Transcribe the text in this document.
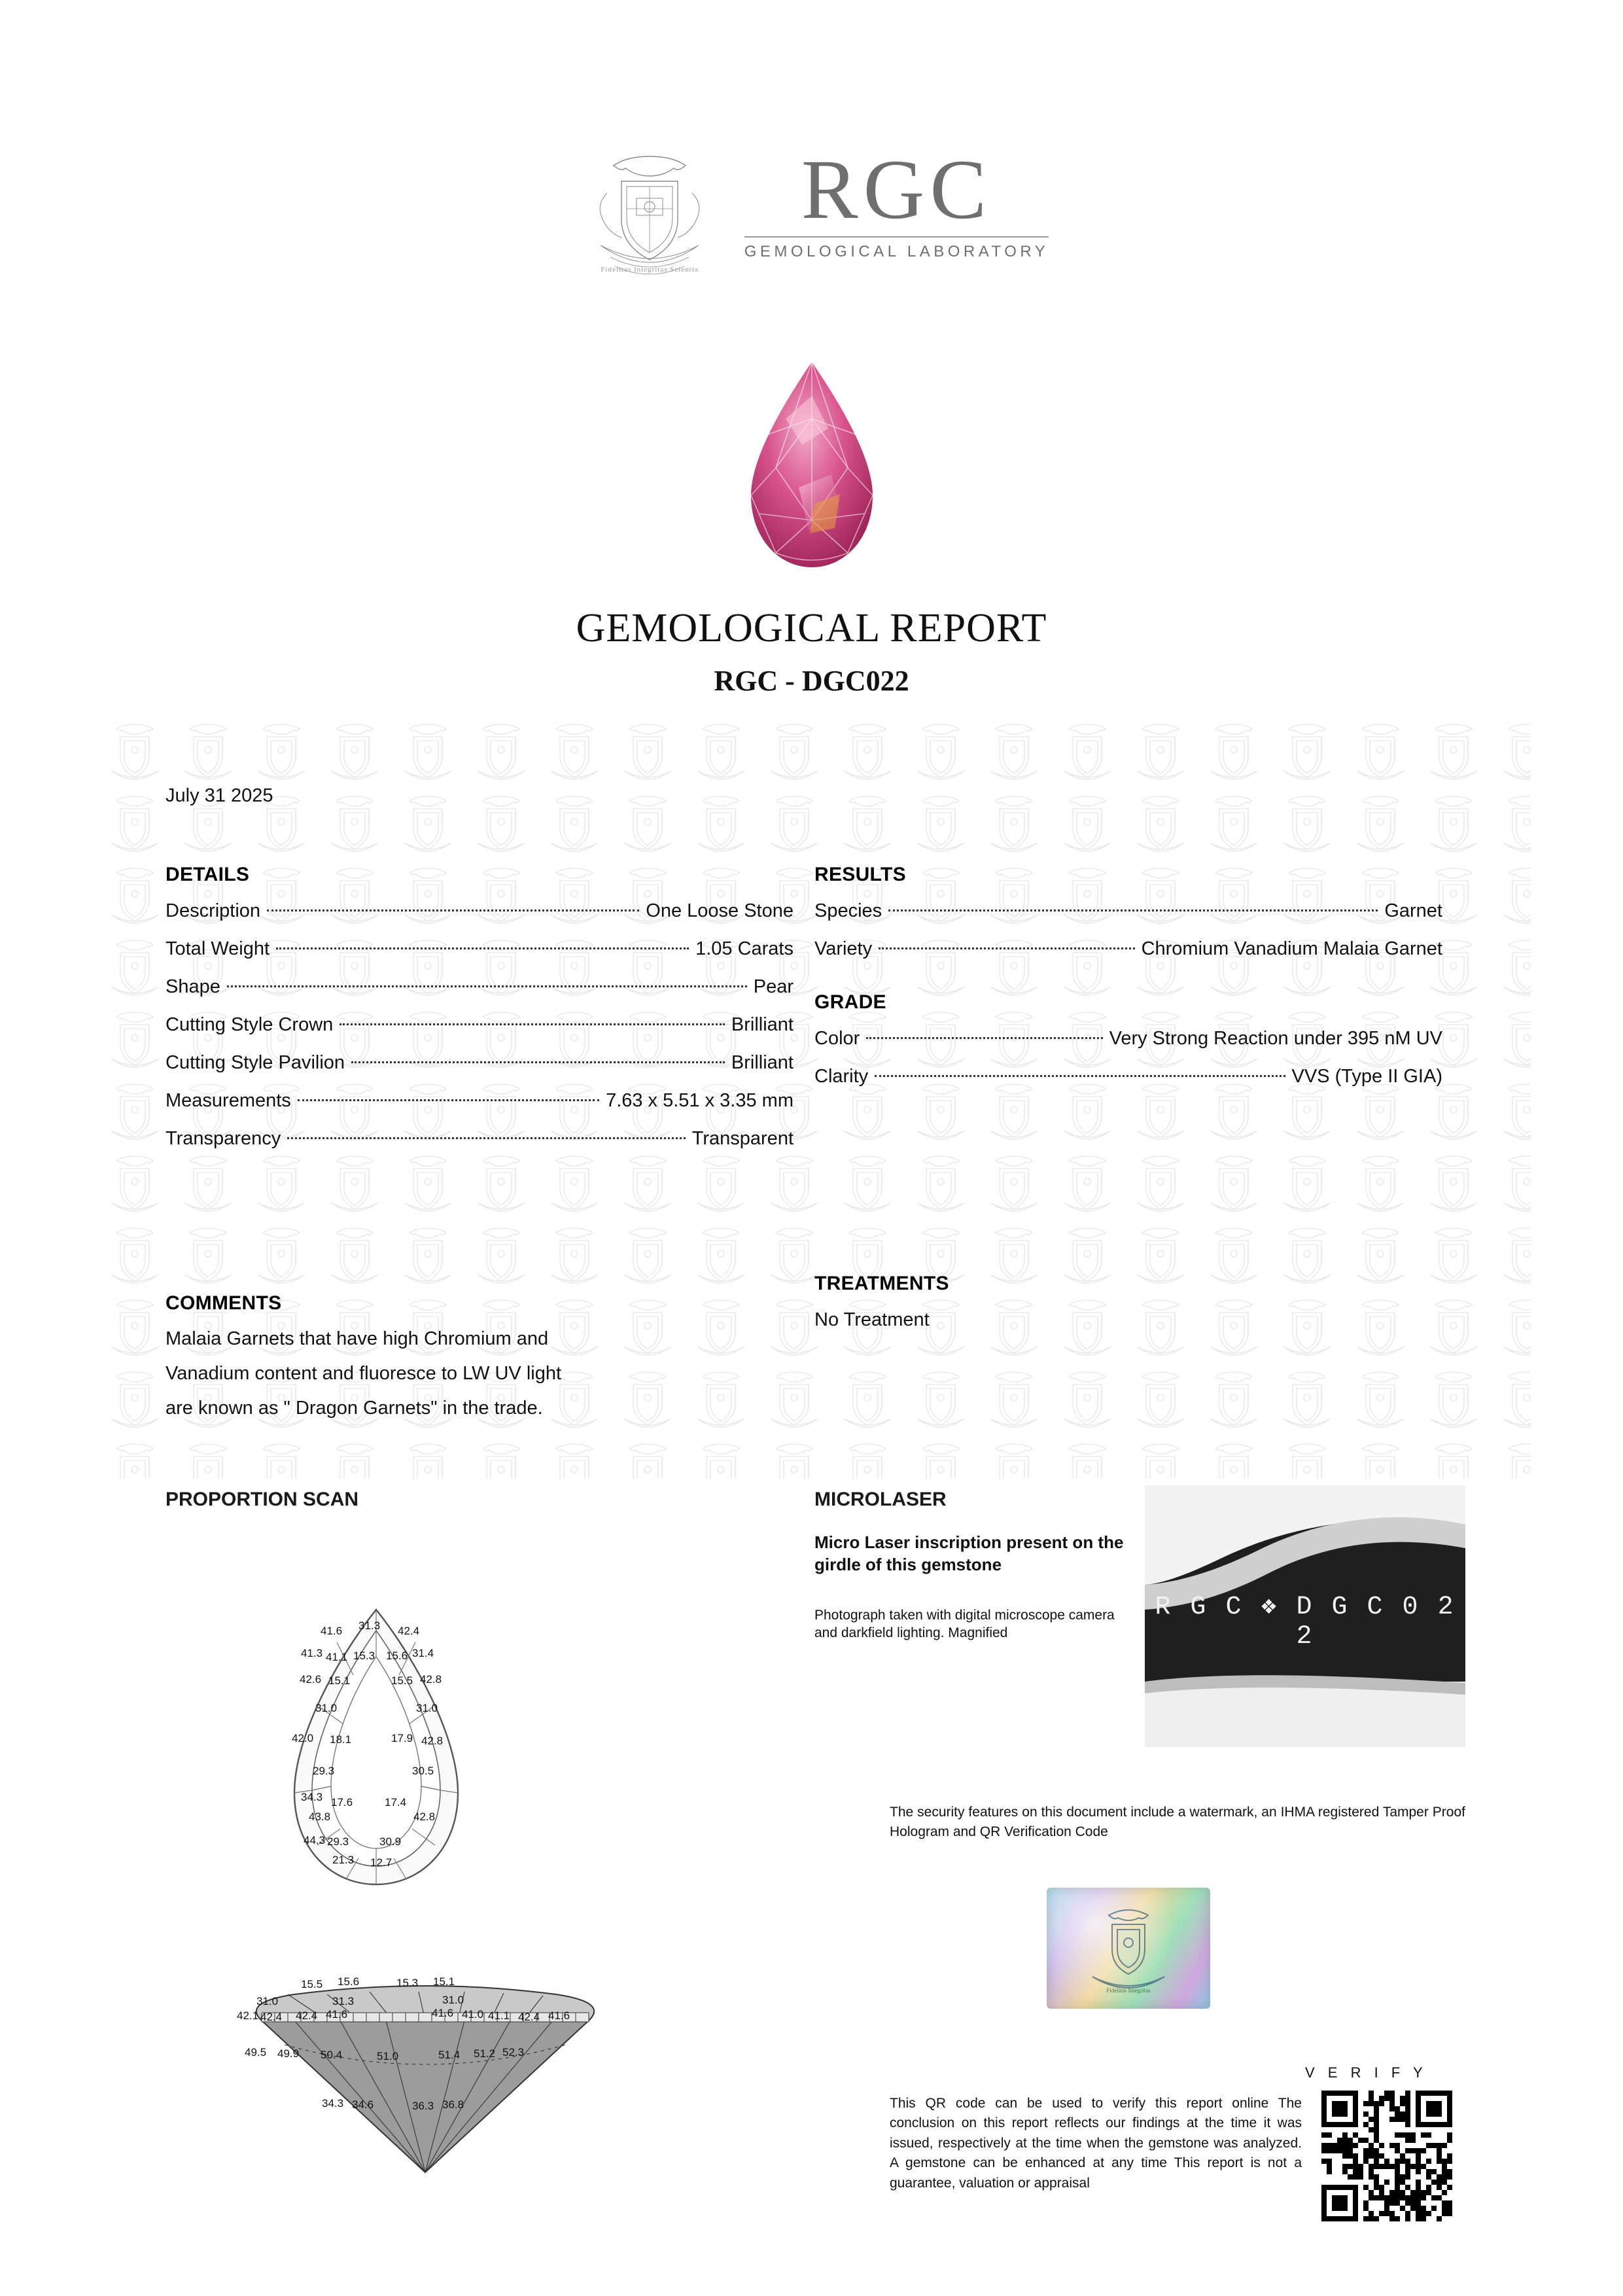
Fidelitas Integritas Scientia
RGC
GEMOLOGICAL LABORATORY
GEMOLOGICAL REPORT
RGC - DGC022
July 31 2025
DETAILS
Description	One Loose Stone
Total Weight	1.05 Carats
Shape	Pear
Cutting Style Crown	Brilliant
Cutting Style Pavilion	Brilliant
Measurements	7.63 x 5.51 x 3.35 mm
Transparency	Transparent
RESULTS
Species	Garnet
Variety	Chromium Vanadium Malaia Garnet
GRADE
Color	Very Strong Reaction under 395 nM UV
Clarity	VVS (Type II GIA)
COMMENTS

Malaia Garnets that have high Chromium and

Vanadium content and fluoresce to LW UV light

are known as " Dragon Garnets" in the trade.

TREATMENTS

No Treatment

PROPORTION SCAN
41.6 31.3 42.4
41.3 41.1 15.3 15.6 31.4
42.6 15.1	15.5 42.8
31.0	31.0
42.0 18.1	17.9 42.8
29.3	30.5
34.3
43.8
17.6	17.4
42.8
44.3 29.3	30.9
21.3 12.7
15.5 15.6	15.3 15.1
31.0	31.3	31.0
42.1 42.4 42.4 41.6	41.6 41.0 41.1 42.4 41.6
49.5 49.9 50.4	51.0	51.4 51.2 52.3
34.3 34.6	36.3 36.8
MICROLASER
Micro Laser inscription present on the girdle of this gemstone
Photograph taken with digital microscope camera and darkfield lighting. Magnified
R G C ❖ D G C 0 2 2
The security features on this document include a watermark, an IHMA registered Tamper Proof Hologram and QR Verification Code
Fidelitas Integritas
V E R I F Y
This QR code can be used to verify this report online The conclusion on this report reflects our findings at the time it was issued, respectively at the time when the gemstone was analyzed. A gemstone can be enhanced at any time This report is not a guarantee, valuation or appraisal
